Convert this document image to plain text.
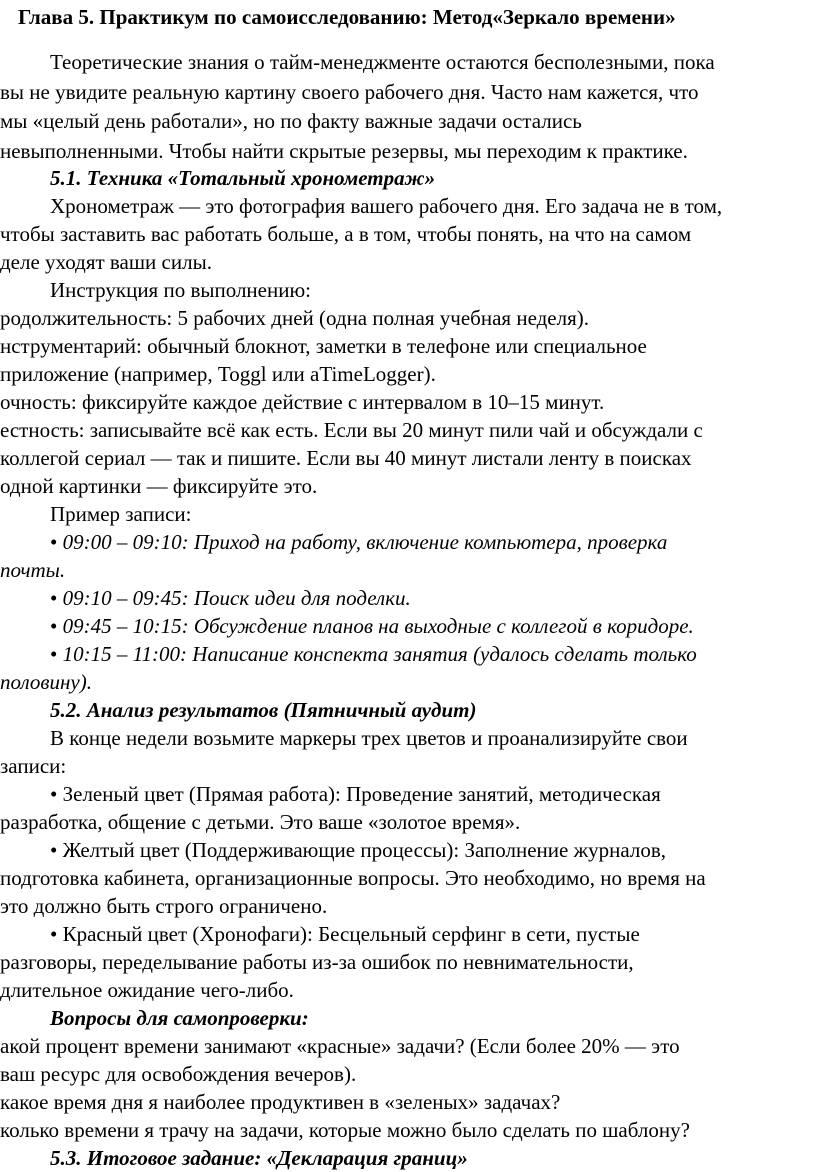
Глава 5. Практикум по самоисследованию: Метод«Зеркало времени»
Теоретические знания о тайм-менеджменте остаются бесполезными, пока
вы не увидите реальную картину своего рабочего дня. Часто нам кажется, что
мы «целый день работали», но по факту важные задачи остались
невыполненными. Чтобы найти скрытые резервы, мы переходим к практике.
5.1. Техника «Тотальный хронометраж»
Хронометраж — это фотография вашего рабочего дня. Его задача не в том,
чтобы заставить вас работать больше, а в том, чтобы понять, на что на самом
деле уходят ваши силы.
Инструкция по выполнению:
родолжительность: 5 рабочих дней (одна полная учебная неделя).
нструментарий: обычный блокнот, заметки в телефоне или специальное
приложение (например, Toggl или aTimeLogger).
очность: фиксируйте каждое действие с интервалом в 10–15 минут.
естность: записывайте всё как есть. Если вы 20 минут пили чай и обсуждали с
коллегой сериал — так и пишите. Если вы 40 минут листали ленту в поисках
одной картинки — фиксируйте это.
Пример записи:
• 09:00 – 09:10: Приход на работу, включение компьютера, проверка
почты.
• 09:10 – 09:45: Поиск идеи для поделки.
• 09:45 – 10:15: Обсуждение планов на выходные с коллегой в коридоре.
• 10:15 – 11:00: Написание конспекта занятия (удалось сделать только
половину).
5.2. Анализ результатов (Пятничный аудит)
В конце недели возьмите маркеры трех цветов и проанализируйте свои
записи:
• Зеленый цвет (Прямая работа): Проведение занятий, методическая
разработка, общение с детьми. Это ваше «золотое время».
• Желтый цвет (Поддерживающие процессы): Заполнение журналов,
подготовка кабинета, организационные вопросы. Это необходимо, но время на
это должно быть строго ограничено.
• Красный цвет (Хронофаги): Бесцельный серфинг в сети, пустые
разговоры, переделывание работы из-за ошибок по невнимательности,
длительное ожидание чего-либо.
Вопросы для самопроверки:
акой процент времени занимают «красные» задачи? (Если более 20% — это
ваш ресурс для освобождения вечеров).
какое время дня я наиболее продуктивен в «зеленых» задачах?
колько времени я трачу на задачи, которые можно было сделать по шаблону?
5.3. Итоговое задание: «Декларация границ»
